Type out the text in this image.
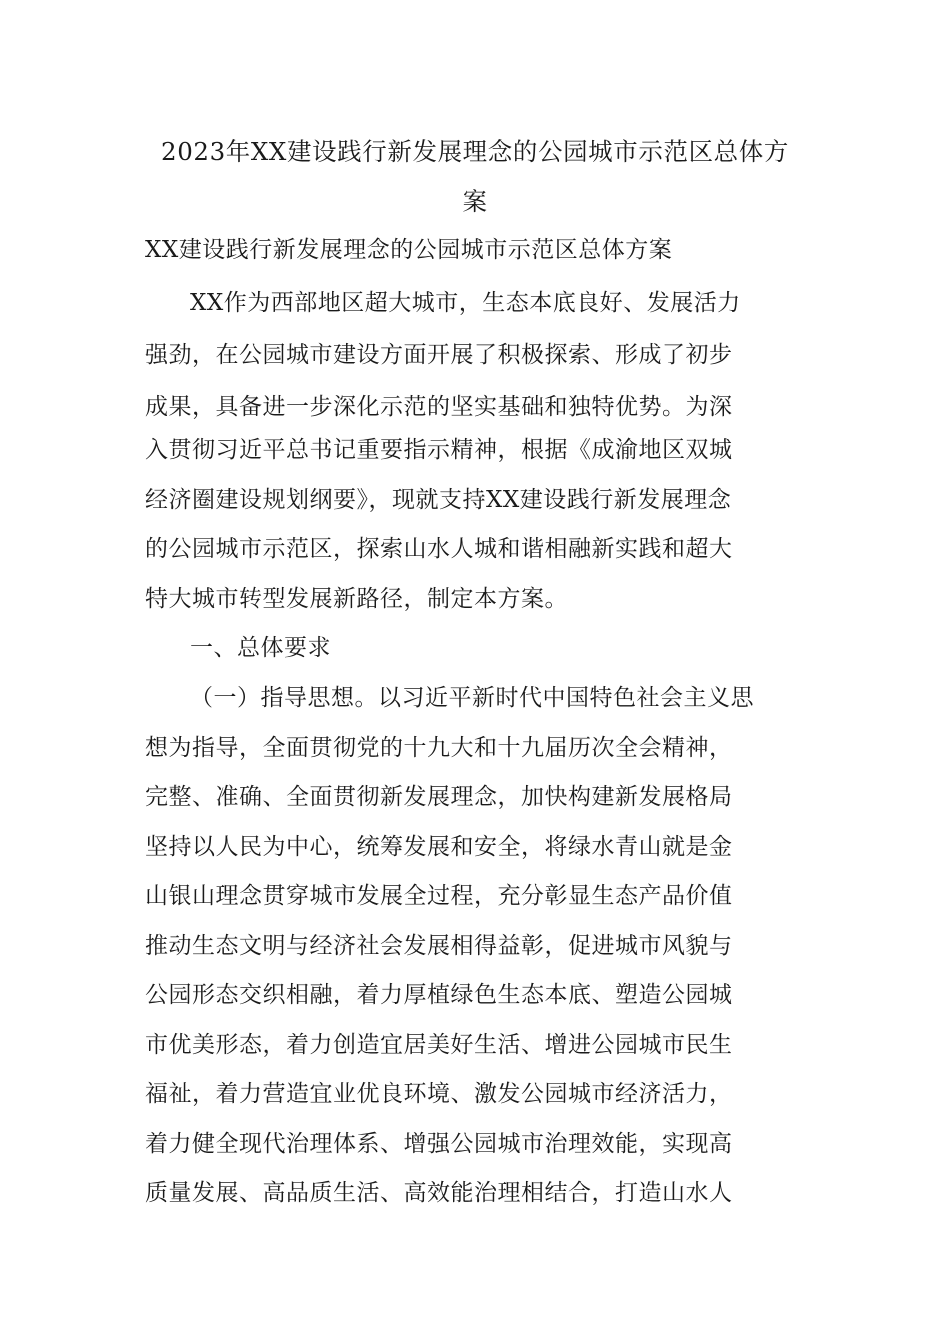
2023年XX建设践行新发展理念的公园城市示范区总体方
案
XX建设践行新发展理念的公园城市示范区总体方案
XX作为西部地区超大城市，生态本底良好、发展活力
强劲，在公园城市建设方面开展了积极探索、形成了初步
成果，具备进一步深化示范的坚实基础和独特优势。为深
入贯彻习近平总书记重要指示精神，根据《成渝地区双城
经济圈建设规划纲要》，现就支持XX建设践行新发展理念
的公园城市示范区，探索山水人城和谐相融新实践和超大
特大城市转型发展新路径，制定本方案。
一、总体要求
（一）指导思想。以习近平新时代中国特色社会主义思
想为指导，全面贯彻党的十九大和十九届历次全会精神，
完整、准确、全面贯彻新发展理念，加快构建新发展格局
坚持以人民为中心，统筹发展和安全，将绿水青山就是金
山银山理念贯穿城市发展全过程，充分彰显生态产品价值
推动生态文明与经济社会发展相得益彰，促进城市风貌与
公园形态交织相融，着力厚植绿色生态本底、塑造公园城
市优美形态，着力创造宜居美好生活、增进公园城市民生
福祉，着力营造宜业优良环境、激发公园城市经济活力，
着力健全现代治理体系、增强公园城市治理效能，实现高
质量发展、高品质生活、高效能治理相结合，打造山水人
